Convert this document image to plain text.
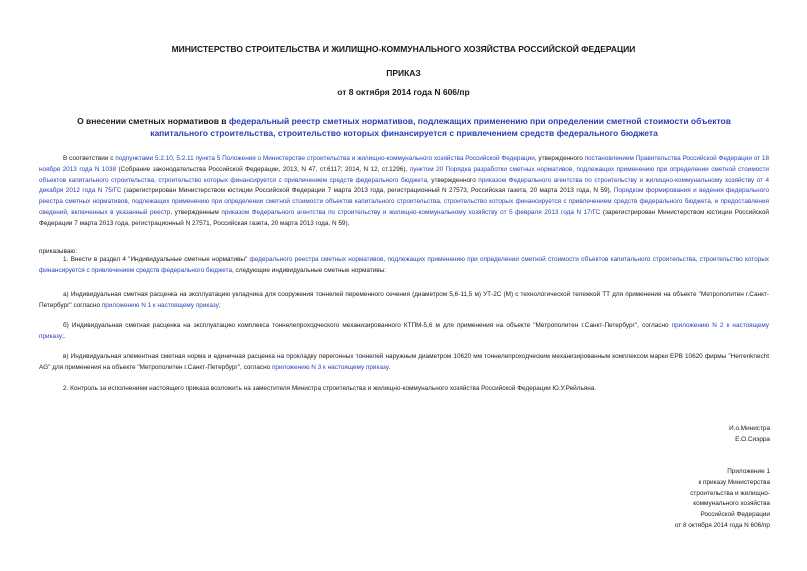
МИНИСТЕРСТВО СТРОИТЕЛЬСТВА И ЖИЛИЩНО-КОММУНАЛЬНОГО ХОЗЯЙСТВА РОССИЙСКОЙ ФЕДЕРАЦИИ
ПРИКАЗ
от 8 октября 2014 года N 606/пр
О внесении сметных нормативов в федеральный реестр сметных нормативов, подлежащих применению при определении сметной стоимости объектов капитального строительства, строительство которых финансируется с привлечением средств федерального бюджета
В соответствии с подпунктами 5.2.10, 5.2.11 пункта 5 Положения о Министерстве строительства и жилищно-коммунального хозяйства Российской Федерации, утвержденного постановлением Правительства Российской Федерации от 18 ноября 2013 года N 1038 (Собрание законодательства Российской Федерации, 2013, N 47, ст.6117; 2014, N 12, ст.1296), пунктом 20 Порядка разработки сметных нормативов, подлежащих применению при определении сметной стоимости объектов капитального строительства, строительство которых финансируется с привлечением средств федерального бюджета, утвержденного приказом Федерального агентства по строительству и жилищно-коммунальному хозяйству от 4 декабря 2012 года N 75/ГС (зарегистрирован Министерством юстиции Российской Федерации 7 марта 2013 года, регистрационный N 27573, Российская газета, 20 марта 2013 года, N 59), Порядком формирования и ведения федерального реестра сметных нормативов, подлежащих применению при определении сметной стоимости объектов капитального строительства, строительство которых финансируется с привлечением средств федерального бюджета, и предоставления сведений, включенных в указанный реестр, утвержденным приказом Федерального агентства по строительству и жилищно-коммунальному хозяйству от 5 февраля 2013 года N 17/ГС (зарегистрирован Министерством юстиции Российской Федерации 7 марта 2013 года, регистрационный N 27571, Российская газета, 20 марта 2013 года, N 59),
приказываю:
1. Внести в раздел 4 "Индивидуальные сметные нормативы" федерального реестра сметных нормативов, подлежащих применению при определении сметной стоимости объектов капитального строительства, строительство которых финансируется с привлечением средств федерального бюджета, следующие индивидуальные сметные нормативы:
а) Индивидуальная сметная расценка на эксплуатацию укладчика для сооружения тоннелей переменного сечения (диаметром 5,6-11,5 м) УТ-2С (М) с технологической тележкой ТТ для применения на объекте "Метрополитен г.Санкт-Петербург" согласно приложению N 1 к настоящему приказу;
б) Индивидуальная сметная расценка на эксплуатацию комплекса тоннелепроходческого механизированного КТПМ-5,6 м для применения на объекте "Метрополитен г.Санкт-Петербург", согласно приложению N 2 к настоящему приказу;.
в) Индивидуальная элементная сметная норма и единичная расценка на прокладку перегонных тоннелей наружным диаметром 10620 мм тоннелепроходческим механизированным комплексом марки EPB 10620 фирмы "Herrenknecht AG" для применения на объекте "Метрополитен г.Санкт-Петербург", согласно приложению N 3 к настоящему приказу.
2. Контроль за исполнением настоящего приказа возложить на заместителя Министра строительства и жилищно-коммунального хозяйства Российской Федерации Ю.У.Рейльяна.
И.о.Министра
Е.О.Сиэрра
Приложение 1
к приказу Министерства
строительства и жилищно-
коммунального хозяйства
Российской Федерации
от 8 октября 2014 года N 606/пр
